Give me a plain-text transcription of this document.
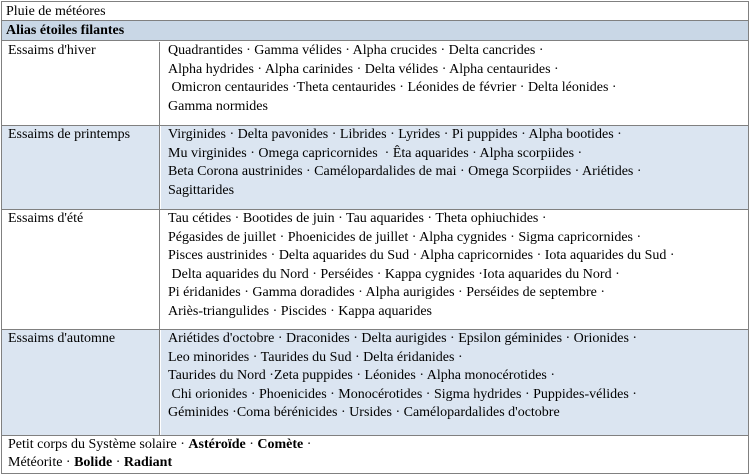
Pluie de météores
Alias étoiles filantes
Essaims d'hiver	Quadrantides · Gamma vélides · Alpha crucides · Delta cancrides ·
Alpha hydrides · Alpha carinides · Delta vélides · Alpha centaurides ·
Omicron centaurides ·Theta centaurides · Léonides de février · Delta léonides ·
Gamma normides
Essaims de printemps	Virginides · Delta pavonides · Librides · Lyrides · Pi puppides · Alpha bootides ·
Mu virginides · Omega capricornides  · Êta aquarides · Alpha scorpiides ·
Beta Corona austrinides · Camélopardalides de mai · Omega Scorpiides · Ariétides ·
Sagittarides
Essaims d'été	Tau cétides · Bootides de juin · Tau aquarides · Theta ophiuchides ·
Pégasides de juillet · Phoenicides de juillet · Alpha cygnides · Sigma capricornides ·
Pisces austrinides · Delta aquarides du Sud · Alpha capricornides · Iota aquarides du Sud ·
Delta aquarides du Nord · Perséides · Kappa cygnides ·Iota aquarides du Nord ·
Pi éridanides · Gamma doradides · Alpha aurigides · Perséides de septembre ·
Ariès-triangulides · Piscides · Kappa aquarides
Essaims d'automne	Ariétides d'octobre · Draconides · Delta aurigides · Epsilon géminides · Orionides ·
Leo minorides · Taurides du Sud · Delta éridanides ·
Taurides du Nord ·Zeta puppides · Léonides · Alpha monocérotides ·
Chi orionides · Phoenicides · Monocérotides · Sigma hydrides · Puppides-vélides ·
Géminides ·Coma bérénicides · Ursides · Camélopardalides d'octobre
Petit corps du Système solaire · Astéroïde · Comète ·
Météorite · Bolide · Radiant
